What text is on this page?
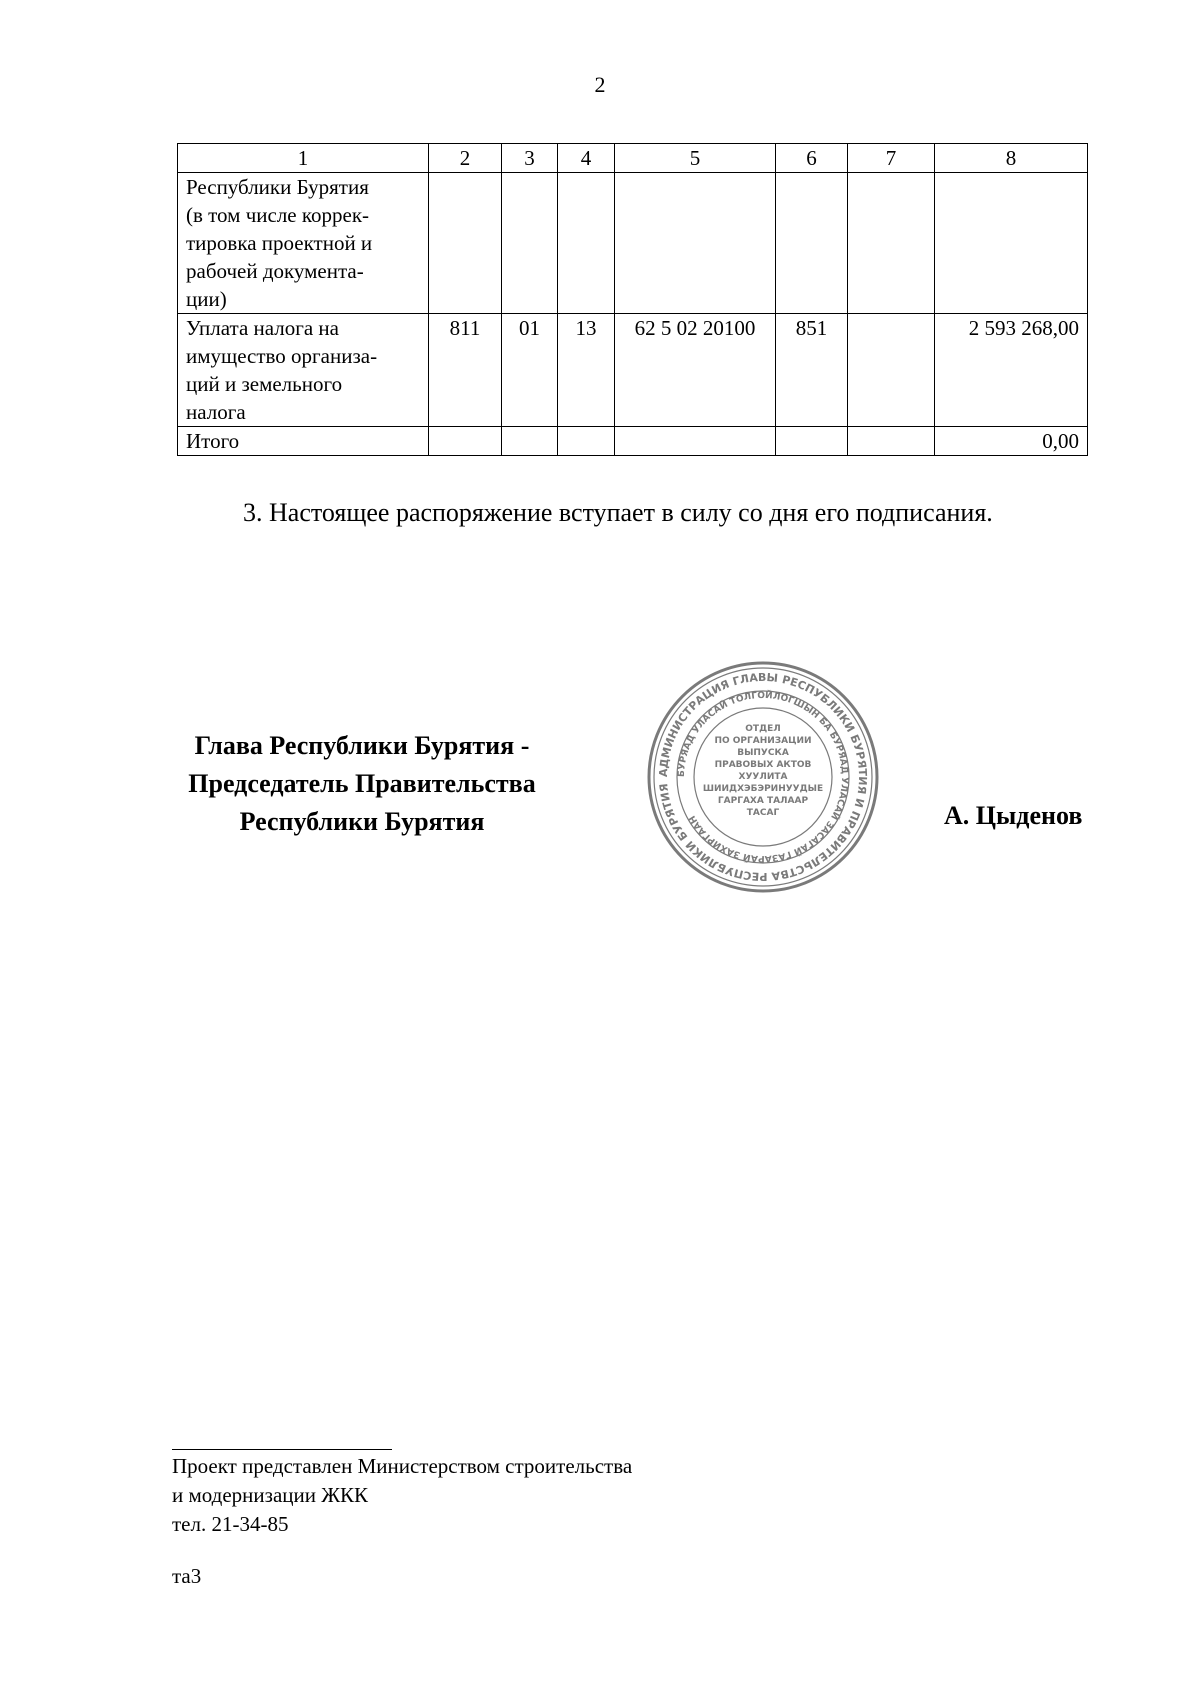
2
1	2	3	4	5	6	7	8

Республики Бурятия
(в том числе коррек-
тировка проектной и
рабочей документа-
ции)							

Уплата налога на
имущество организа-
ций и земельного
налога	811	01	13	62 5 02 20100	851		2 593 268,00

Итого							0,00
3. Настоящее распоряжение вступает в силу со дня его подписания.
Глава Республики Бурятия -
Председатель Правительства
Республики Бурятия
АДМИНИСТРАЦИЯ ГЛАВЫ РЕСПУБЛИКИ БУРЯТИЯ И ПРАВИТЕЛЬСТВА РЕСПУБЛИКИ БУРЯТИЯ
БУРЯАД УЛАСАЙ ТОЛГОЙЛОГШЫН БА БУРЯАД УЛАСАЙ ЗАСАГАЙ ГАЗАРАЙ ЗАХИРГААН
ОТДЕЛ
ПО ОРГАНИЗАЦИИ
ВЫПУСКА
ПРАВОВЫХ АКТОВ
ХУУЛИТА
ШИИДХЭБЭРИНУУДЫЕ
ГАРГАХА ТАЛААР
ТАСАГ	А. Цыденов
Проект представлен Министерством строительства
и модернизации ЖКК
тел. 21-34-85
та3
